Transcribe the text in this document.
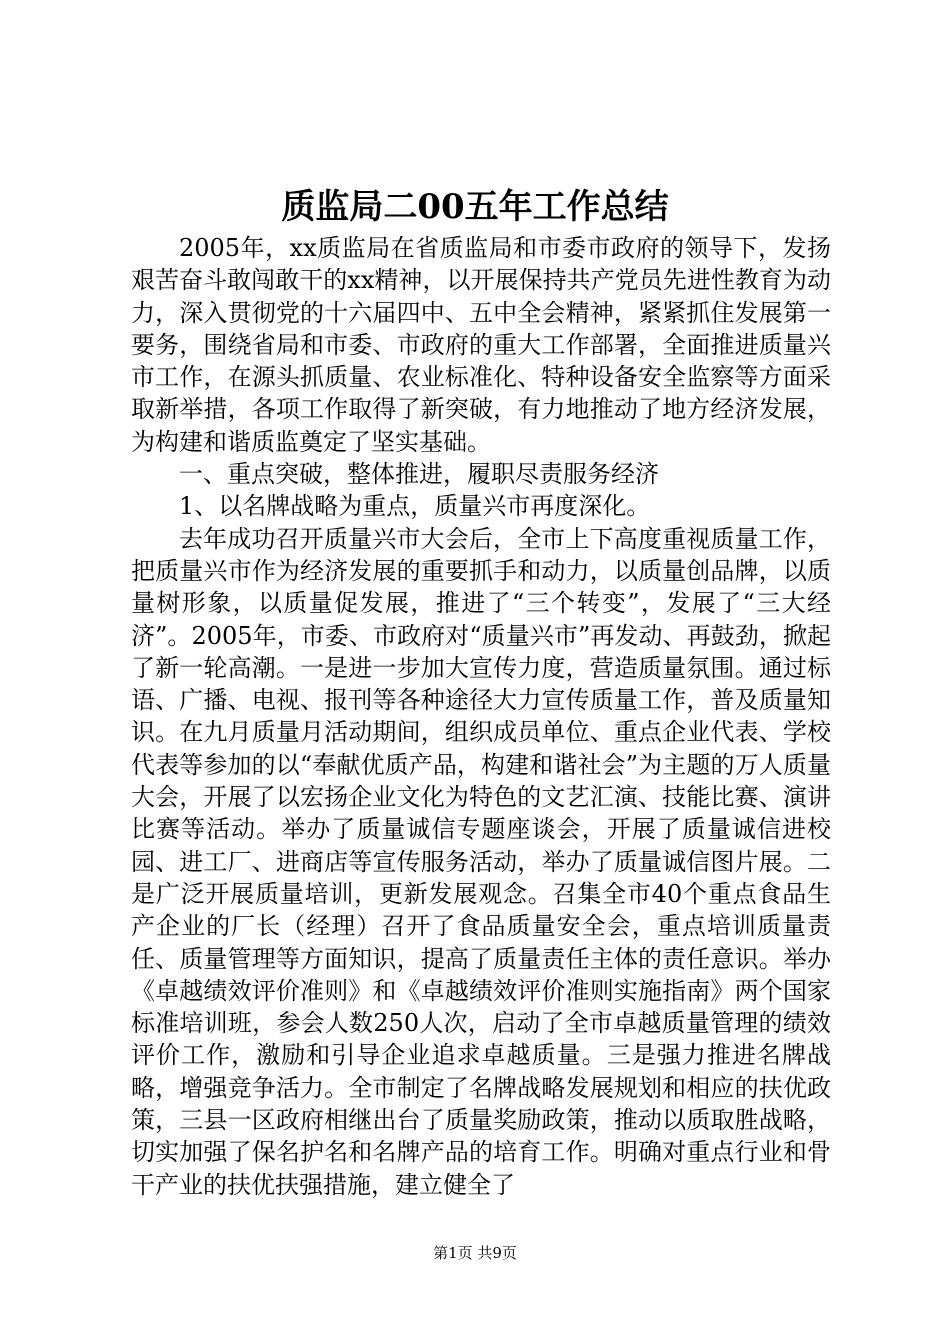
质监局二00五年工作总结

2005年，xx质监局在省质监局和市委市政府的领导下，发扬艰苦奋斗敢闯敢干的xx精神，以开展保持共产党员先进性教育为动力，深入贯彻党的十六届四中、五中全会精神，紧紧抓住发展第一要务，围绕省局和市委、市政府的重大工作部署，全面推进质量兴市工作，在源头抓质量、农业标准化、特种设备安全监察等方面采取新举措，各项工作取得了新突破，有力地推动了地方经济发展，为构建和谐质监奠定了坚实基础。

一、重点突破，整体推进，履职尽责服务经济

1、以名牌战略为重点，质量兴市再度深化。

去年成功召开质量兴市大会后，全市上下高度重视质量工作，把质量兴市作为经济发展的重要抓手和动力，以质量创品牌，以质量树形象，以质量促发展，推进了“三个转变”，发展了“三大经济”。2005年，市委、市政府对“质量兴市”再发动、再鼓劲，掀起了新一轮高潮。一是进一步加大宣传力度，营造质量氛围。通过标语、广播、电视、报刊等各种途径大力宣传质量工作，普及质量知识。在九月质量月活动期间，组织成员单位、重点企业代表、学校代表等参加的以“奉献优质产品，构建和谐社会”为主题的万人质量大会，开展了以宏扬企业文化为特色的文艺汇演、技能比赛、演讲比赛等活动。举办了质量诚信专题座谈会，开展了质量诚信进校园、进工厂、进商店等宣传服务活动，举办了质量诚信图片展。二是广泛开展质量培训，更新发展观念。召集全市40个重点食品生产企业的厂长（经理）召开了食品质量安全会，重点培训质量责任、质量管理等方面知识，提高了质量责任主体的责任意识。举办《卓越绩效评价准则》和《卓越绩效评价准则实施指南》两个国家标准培训班，参会人数250人次，启动了全市卓越质量管理的绩效评价工作，激励和引导企业追求卓越质量。三是强力推进名牌战略，增强竞争活力。全市制定了名牌战略发展规划和相应的扶优政策，三县一区政府相继出台了质量奖励政策，推动以质取胜战略，切实加强了保名护名和名牌产品的培育工作。明确对重点行业和骨干产业的扶优扶强措施，建立健全了

第1页 共9页
